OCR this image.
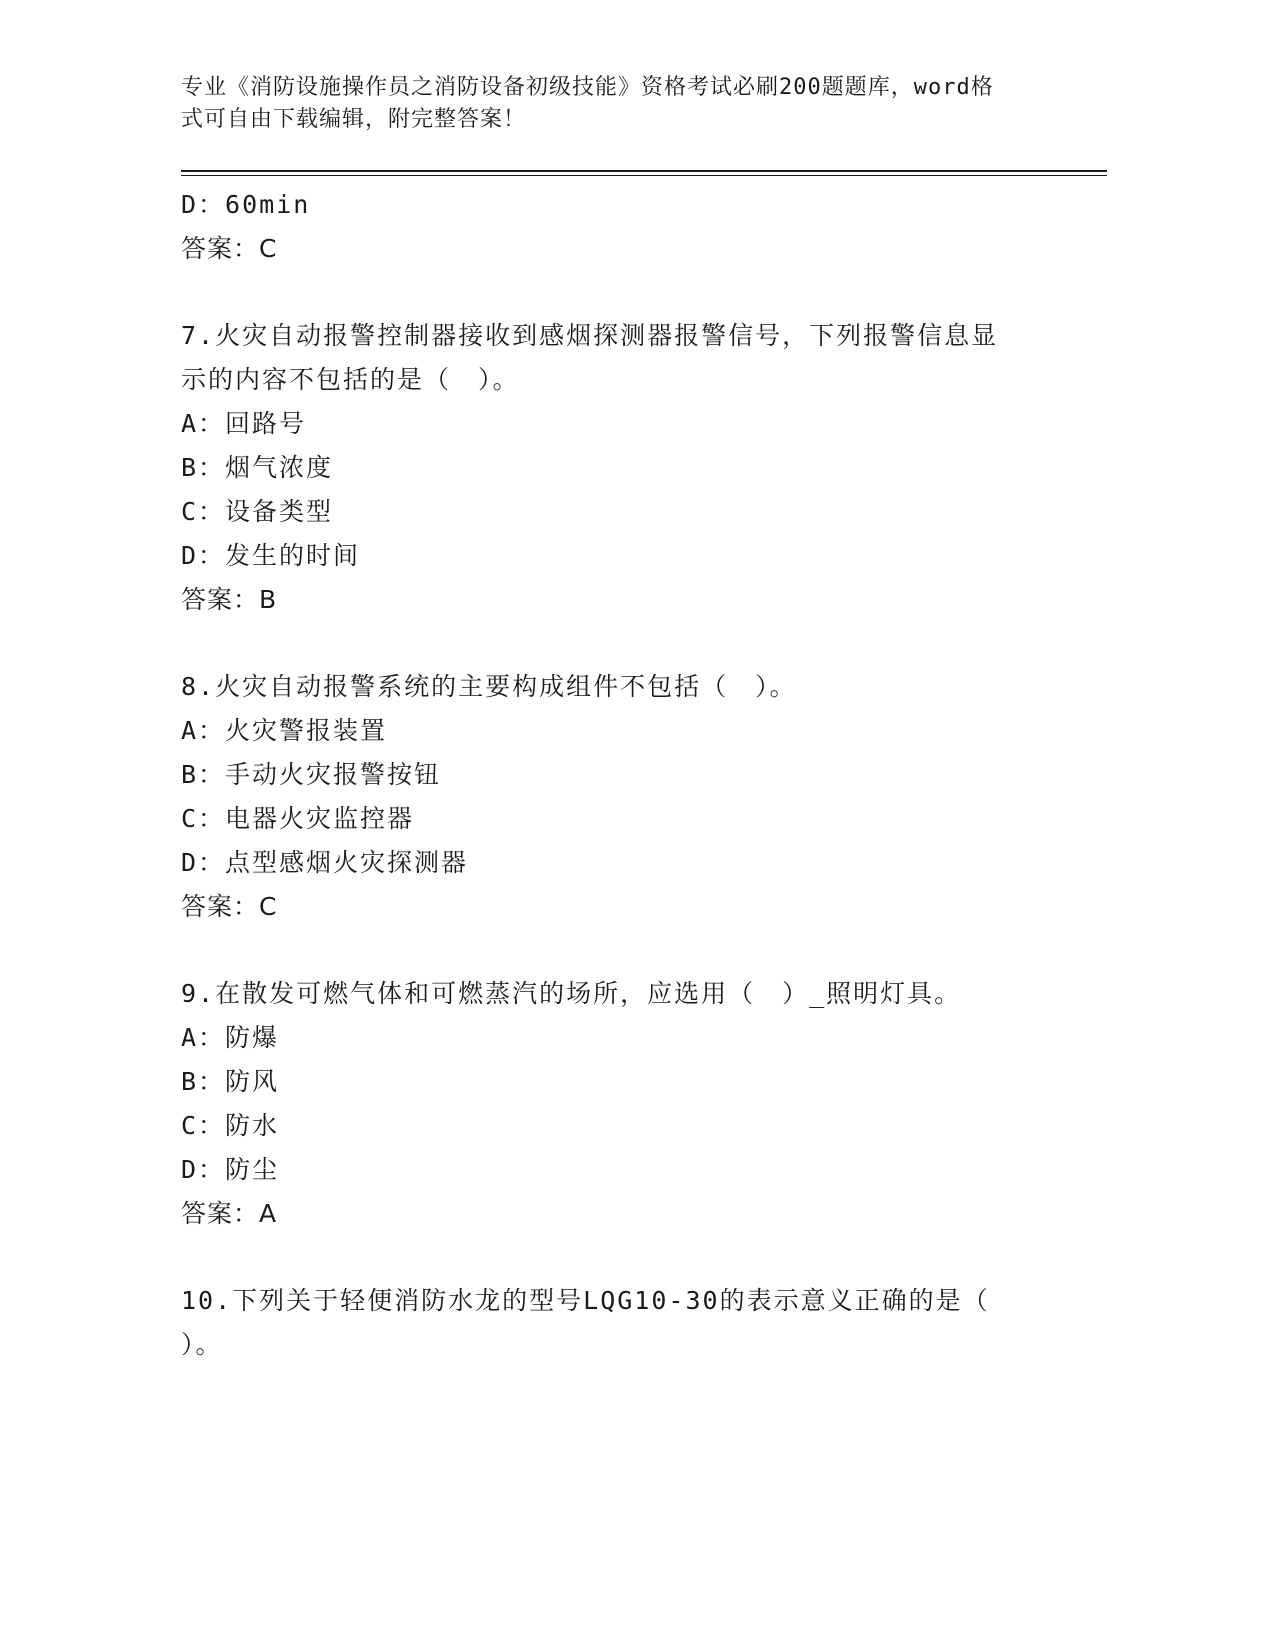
专业《消防设施操作员之消防设备初级技能》资格考试必刷200题题库，word格
式可自由下载编辑，附完整答案！
D：60min
答案：C
7.火灾自动报警控制器接收到感烟探测器报警信号，下列报警信息显
示的内容不包括的是（　）。
A：回路号
B：烟气浓度
C：设备类型
D：发生的时间
答案：B
8.火灾自动报警系统的主要构成组件不包括（　）。
A：火灾警报装置
B：手动火灾报警按钮
C：电器火灾监控器
D：点型感烟火灾探测器
答案：C
9.在散发可燃气体和可燃蒸汽的场所，应选用（　）_照明灯具。
A：防爆
B：防风
C：防水
D：防尘
答案：A
10.下列关于轻便消防水龙的型号LQG10-30的表示意义正确的是（
）。
